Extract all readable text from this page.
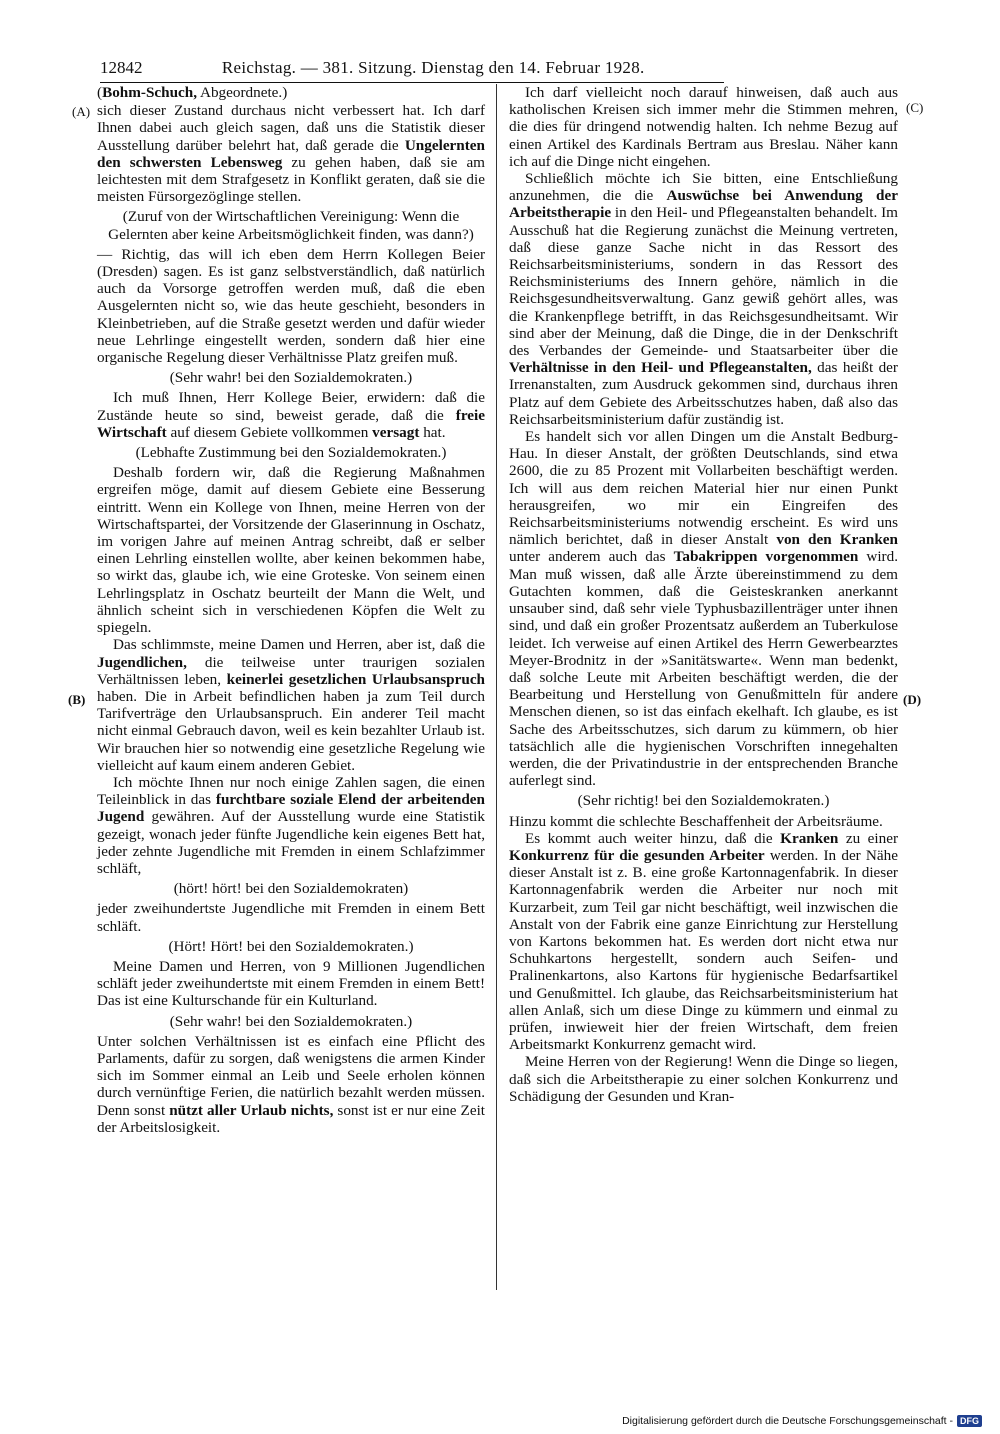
12842	Reichstag. — 381. Sitzung. Dienstag den 14. Februar 1928.
(A)
(B)
(C)
(D)

(Bohm-Schuch, Abgeordnete.)

sich dieser Zustand durchaus nicht verbessert hat. Ich darf Ihnen dabei auch gleich sagen, daß uns die Statistik dieser Ausstellung darüber belehrt hat, daß gerade die Ungelernten den schwersten Lebensweg zu gehen haben, daß sie am leichtesten mit dem Strafgesetz in Konflikt geraten, daß sie die meisten Fürsorgezöglinge stellen.

(Zuruf von der Wirtschaftlichen Vereinigung: Wenn die Gelernten aber keine Arbeitsmöglichkeit finden, was dann?)

— Richtig, das will ich eben dem Herrn Kollegen Beier (Dresden) sagen. Es ist ganz selbstverständlich, daß natürlich auch da Vorsorge getroffen werden muß, daß die eben Ausgelernten nicht so, wie das heute geschieht, besonders in Kleinbetrieben, auf die Straße gesetzt werden und dafür wieder neue Lehrlinge eingestellt werden, sondern daß hier eine organische Regelung dieser Verhältnisse Platz greifen muß.

(Sehr wahr! bei den Sozialdemokraten.)

Ich muß Ihnen, Herr Kollege Beier, erwidern: daß die Zustände heute so sind, beweist gerade, daß die freie Wirtschaft auf diesem Gebiete vollkommen versagt hat.

(Lebhafte Zustimmung bei den Sozialdemokraten.)

Deshalb fordern wir, daß die Regierung Maßnahmen ergreifen möge, damit auf diesem Gebiete eine Besserung eintritt. Wenn ein Kollege von Ihnen, meine Herren von der Wirtschaftspartei, der Vorsitzende der Glaserinnung in Oschatz, im vorigen Jahre auf meinen Antrag schreibt, daß er selber einen Lehrling einstellen wollte, aber keinen bekommen habe, so wirkt das, glaube ich, wie eine Groteske. Von seinem einen Lehrlingsplatz in Oschatz beurteilt der Mann die Welt, und ähnlich scheint sich in verschiedenen Köpfen die Welt zu spiegeln.

Das schlimmste, meine Damen und Herren, aber ist, daß die Jugendlichen, die teilweise unter traurigen sozialen Verhältnissen leben, keinerlei gesetzlichen Urlaubsanspruch haben. Die in Arbeit befindlichen haben ja zum Teil durch Tarifverträge den Urlaubsanspruch. Ein anderer Teil macht nicht einmal Gebrauch davon, weil es kein bezahlter Urlaub ist. Wir brauchen hier so notwendig eine gesetzliche Regelung wie vielleicht auf kaum einem anderen Gebiet.

Ich möchte Ihnen nur noch einige Zahlen sagen, die einen Teileinblick in das furchtbare soziale Elend der arbeitenden Jugend gewähren. Auf der Ausstellung wurde eine Statistik gezeigt, wonach jeder fünfte Jugendliche kein eigenes Bett hat, jeder zehnte Jugendliche mit Fremden in einem Schlafzimmer schläft,

(hört! hört! bei den Sozialdemokraten)

jeder zweihundertste Jugendliche mit Fremden in einem Bett schläft.

(Hört! Hört! bei den Sozialdemokraten.)

Meine Damen und Herren, von 9 Millionen Jugendlichen schläft jeder zweihundertste mit einem Fremden in einem Bett! Das ist eine Kulturschande für ein Kulturland.

(Sehr wahr! bei den Sozialdemokraten.)

Unter solchen Verhältnissen ist es einfach eine Pflicht des Parlaments, dafür zu sorgen, daß wenigstens die armen Kinder sich im Sommer einmal an Leib und Seele erholen können durch vernünftige Ferien, die natürlich bezahlt werden müssen. Denn sonst nützt aller Urlaub nichts, sonst ist er nur eine Zeit der Arbeitslosigkeit.

Ich darf vielleicht noch darauf hinweisen, daß auch aus katholischen Kreisen sich immer mehr die Stimmen mehren, die dies für dringend notwendig halten. Ich nehme Bezug auf einen Artikel des Kardinals Bertram aus Breslau. Näher kann ich auf die Dinge nicht eingehen.

Schließlich möchte ich Sie bitten, eine Entschließung anzunehmen, die die Auswüchse bei Anwendung der Arbeitstherapie in den Heil- und Pflegeanstalten behandelt. Im Ausschuß hat die Regierung zunächst die Meinung vertreten, daß diese ganze Sache nicht in das Ressort des Reichsarbeitsministeriums, sondern in das Ressort des Reichsministeriums des Innern gehöre, nämlich in die Reichsgesundheitsverwaltung. Ganz gewiß gehört alles, was die Krankenpflege betrifft, in das Reichsgesundheitsamt. Wir sind aber der Meinung, daß die Dinge, die in der Denkschrift des Verbandes der Gemeinde- und Staatsarbeiter über die Verhältnisse in den Heil- und Pflegeanstalten, das heißt der Irrenanstalten, zum Ausdruck gekommen sind, durchaus ihren Platz auf dem Gebiete des Arbeitsschutzes haben, daß also das Reichsarbeitsministerium dafür zuständig ist.

Es handelt sich vor allen Dingen um die Anstalt Bedburg-Hau. In dieser Anstalt, der größten Deutschlands, sind etwa 2600, die zu 85 Prozent mit Vollarbeiten beschäftigt werden. Ich will aus dem reichen Material hier nur einen Punkt herausgreifen, wo mir ein Eingreifen des Reichsarbeitsministeriums notwendig erscheint. Es wird uns nämlich berichtet, daß in dieser Anstalt von den Kranken unter anderem auch das Tabakrippen vorgenommen wird. Man muß wissen, daß alle Ärzte übereinstimmend zu dem Gutachten kommen, daß die Geisteskranken anerkannt unsauber sind, daß sehr viele Typhusbazillenträger unter ihnen sind, und daß ein großer Prozentsatz außerdem an Tuberkulose leidet. Ich verweise auf einen Artikel des Herrn Gewerbearztes Meyer-Brodnitz in der »Sanitätswarte«. Wenn man bedenkt, daß solche Leute mit Arbeiten beschäftigt werden, die der Bearbeitung und Herstellung von Genußmitteln für andere Menschen dienen, so ist das einfach ekelhaft. Ich glaube, es ist Sache des Arbeitsschutzes, sich darum zu kümmern, ob hier tatsächlich alle die hygienischen Vorschriften innegehalten werden, die der Privatindustrie in der entsprechenden Branche auferlegt sind.

(Sehr richtig! bei den Sozialdemokraten.)

Hinzu kommt die schlechte Beschaffenheit der Arbeitsräume.

Es kommt auch weiter hinzu, daß die Kranken zu einer Konkurrenz für die gesunden Arbeiter werden. In der Nähe dieser Anstalt ist z. B. eine große Kartonnagenfabrik. In dieser Kartonnagenfabrik werden die Arbeiter nur noch mit Kurzarbeit, zum Teil gar nicht beschäftigt, weil inzwischen die Anstalt von der Fabrik eine ganze Einrichtung zur Herstellung von Kartons bekommen hat. Es werden dort nicht etwa nur Schuhkartons hergestellt, sondern auch Seifen- und Pralinenkartons, also Kartons für hygienische Bedarfsartikel und Genußmittel. Ich glaube, das Reichsarbeitsministerium hat allen Anlaß, sich um diese Dinge zu kümmern und einmal zu prüfen, inwieweit hier der freien Wirtschaft, dem freien Arbeitsmarkt Konkurrenz gemacht wird.

Meine Herren von der Regierung! Wenn die Dinge so liegen, daß sich die Arbeitstherapie zu einer solchen Konkurrenz und Schädigung der Gesunden und Kran-

Digitalisierung gefördert durch die Deutsche Forschungsgemeinschaft - DFG
